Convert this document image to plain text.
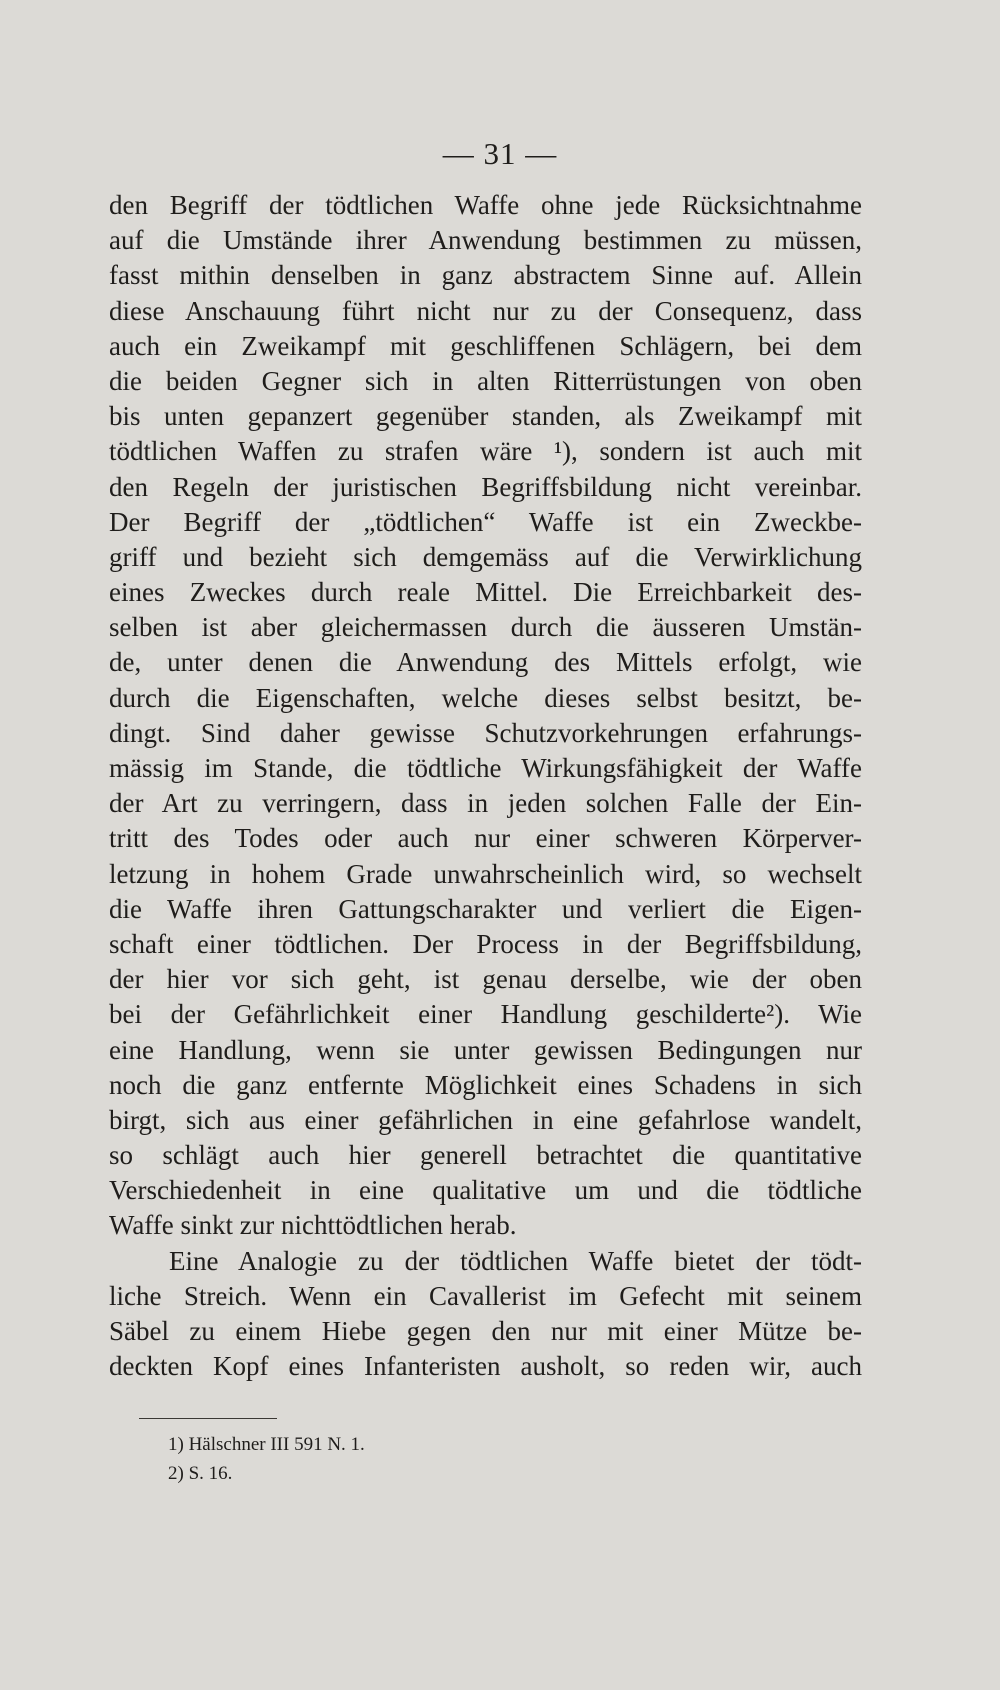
— 31 —
den Begriff der tödtlichen Waffe ohne jede Rücksichtnahme
auf die Umstände ihrer Anwendung bestimmen zu müssen,
fasst mithin denselben in ganz abstractem Sinne auf. Allein
diese Anschauung führt nicht nur zu der Consequenz, dass
auch ein Zweikampf mit geschliffenen Schlägern, bei dem
die beiden Gegner sich in alten Ritterrüstungen von oben
bis unten gepanzert gegenüber standen, als Zweikampf mit
tödtlichen Waffen zu strafen wäre ¹), sondern ist auch mit
den Regeln der juristischen Begriffsbildung nicht vereinbar.
Der Begriff der „tödtlichen“ Waffe ist ein Zweckbe-
griff und bezieht sich demgemäss auf die Verwirklichung
eines Zweckes durch reale Mittel. Die Erreichbarkeit des-
selben ist aber gleichermassen durch die äusseren Umstän-
de, unter denen die Anwendung des Mittels erfolgt, wie
durch die Eigenschaften, welche dieses selbst besitzt, be-
dingt. Sind daher gewisse Schutzvorkehrungen erfahrungs-
mässig im Stande, die tödtliche Wirkungsfähigkeit der Waffe
der Art zu verringern, dass in jeden solchen Falle der Ein-
tritt des Todes oder auch nur einer schweren Körperver-
letzung in hohem Grade unwahrscheinlich wird, so wechselt
die Waffe ihren Gattungscharakter und verliert die Eigen-
schaft einer tödtlichen. Der Process in der Begriffsbildung,
der hier vor sich geht, ist genau derselbe, wie der oben
bei der Gefährlichkeit einer Handlung geschilderte²). Wie
eine Handlung, wenn sie unter gewissen Bedingungen nur
noch die ganz entfernte Möglichkeit eines Schadens in sich
birgt, sich aus einer gefährlichen in eine gefahrlose wandelt,
so schlägt auch hier generell betrachtet die quantitative
Verschiedenheit in eine qualitative um und die tödtliche
Waffe sinkt zur nichttödtlichen herab.
Eine Analogie zu der tödtlichen Waffe bietet der tödt-
liche Streich. Wenn ein Cavallerist im Gefecht mit seinem
Säbel zu einem Hiebe gegen den nur mit einer Mütze be-
deckten Kopf eines Infanteristen ausholt, so reden wir, auch
1) Hälschner III 591 N. 1.
2) S. 16.
